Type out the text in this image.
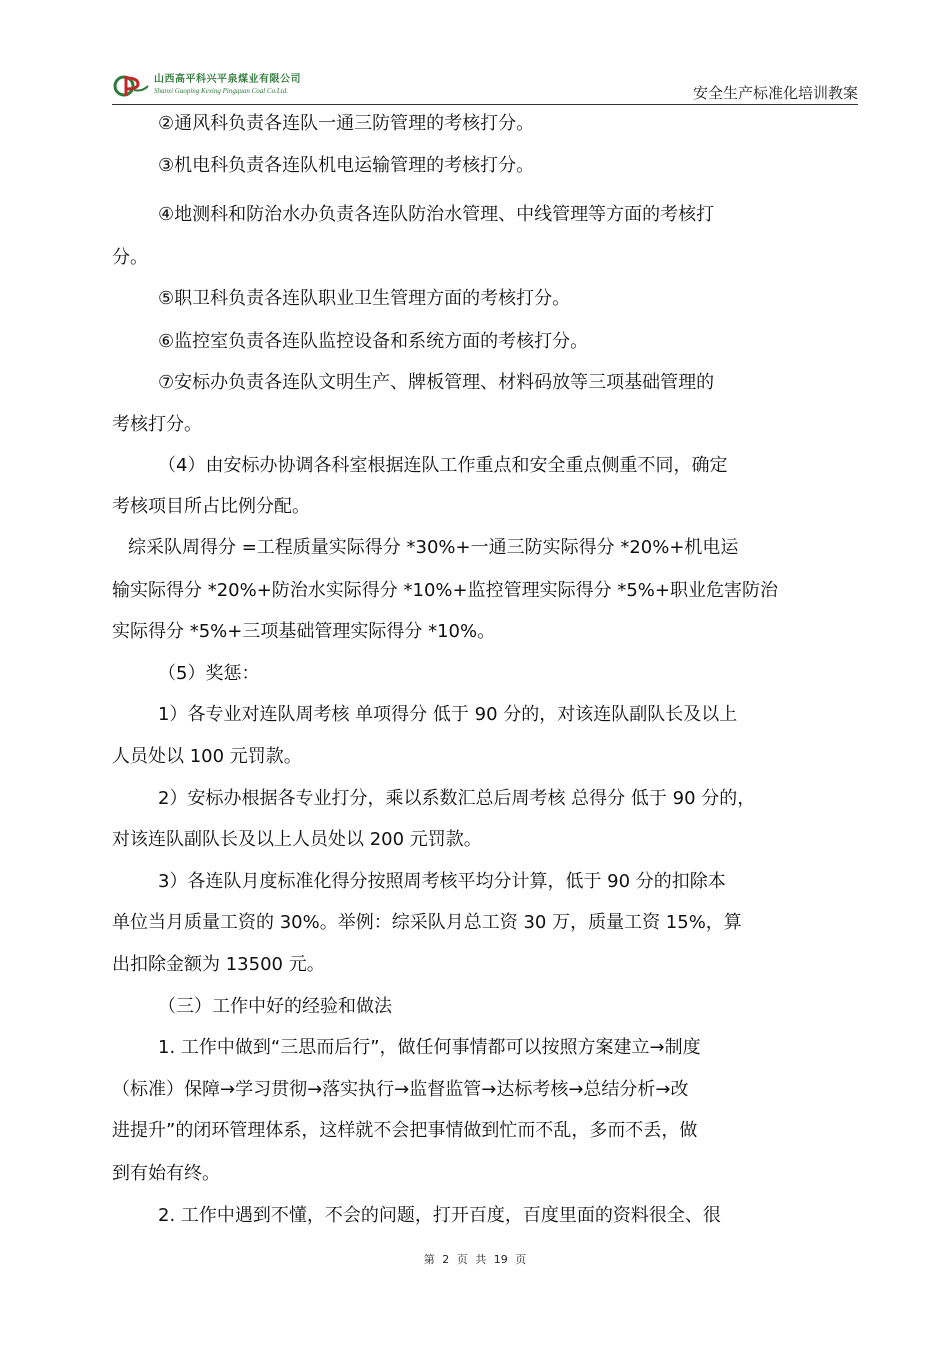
山西高平科兴平泉煤业有限公司
Shanxi Gaoping Kexing Pingquan Coal Co.Ltd.	安全生产标准化培训教案
②通风科负责各连队一通三防管理的考核打分。
③机电科负责各连队机电运输管理的考核打分。
④地测科和防治水办负责各连队防治水管理、中线管理等方面的考核打
分。
⑤职卫科负责各连队职业卫生管理方面的考核打分。
⑥监控室负责各连队监控设备和系统方面的考核打分。
⑦安标办负责各连队文明生产、牌板管理、材料码放等三项基础管理的
考核打分。
（4）由安标办协调各科室根据连队工作重点和安全重点侧重不同，确定
考核项目所占比例分配。
综采队周得分 =工程质量实际得分 *30%+一通三防实际得分 *20%+机电运
输实际得分 *20%+防治水实际得分 *10%+监控管理实际得分 *5%+职业危害防治
实际得分 *5%+三项基础管理实际得分 *10%。
（5）奖惩：
1）各专业对连队周考核 单项得分 低于 90 分的，对该连队副队长及以上
人员处以 100 元罚款。
2）安标办根据各专业打分，乘以系数汇总后周考核 总得分 低于 90 分的，
对该连队副队长及以上人员处以 200 元罚款。
3）各连队月度标准化得分按照周考核平均分计算，低于 90 分的扣除本
单位当月质量工资的 30%。举例：综采队月总工资 30 万，质量工资 15%，算
出扣除金额为 13500 元。
（三）工作中好的经验和做法
1. 工作中做到“三思而后行”，做任何事情都可以按照方案建立→制度
（标准）保障→学习贯彻→落实执行→监督监管→达标考核→总结分析→改
进提升”的闭环管理体系，这样就不会把事情做到忙而不乱，多而不丢，做
到有始有终。
2. 工作中遇到不懂，不会的问题，打开百度，百度里面的资料很全、很
第 2 页 共 19 页
